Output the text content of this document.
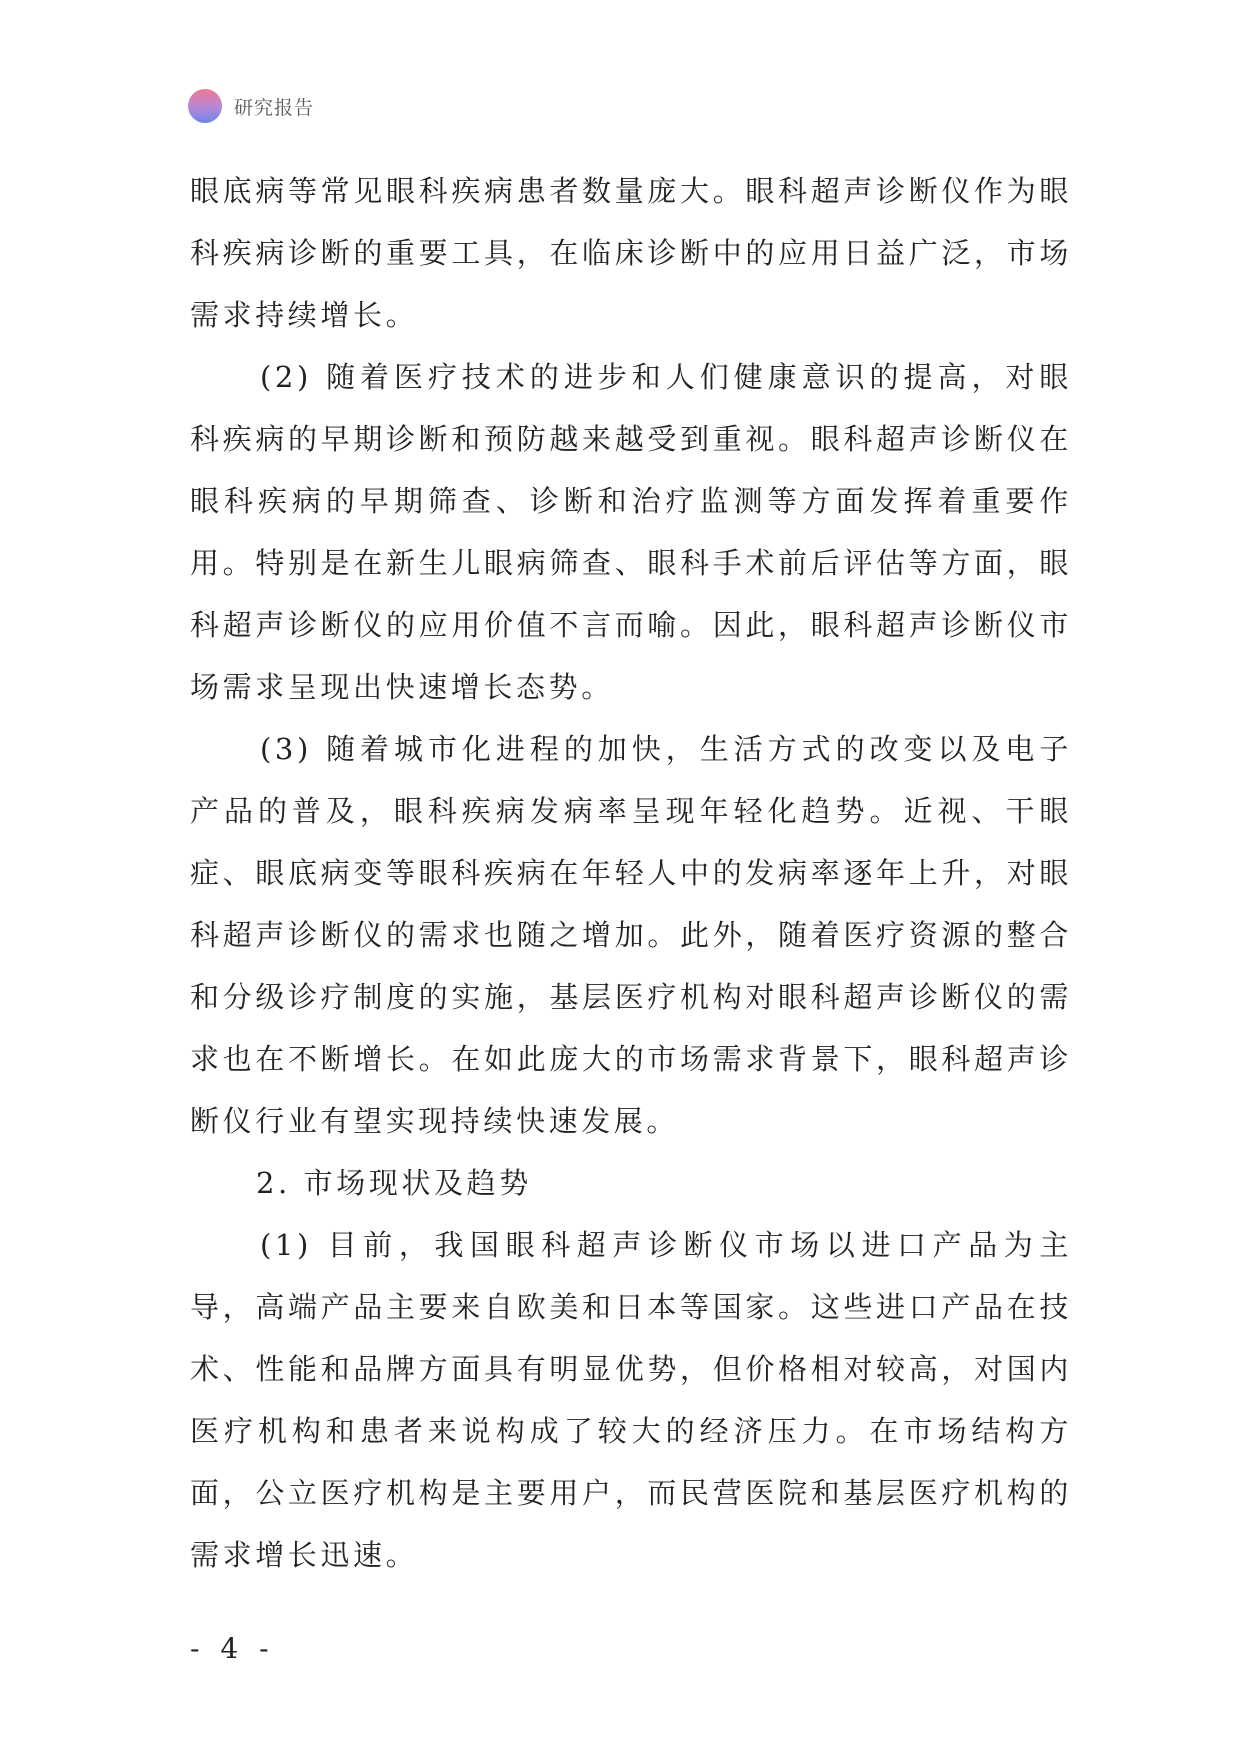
研究报告

眼底病等常见眼科疾病患者数量庞大。眼科超声诊断仪作为眼科疾病诊断的重要工具，在临床诊断中的应用日益广泛，市场需求持续增长。

(2) 随着医疗技术的进步和人们健康意识的提高，对眼科疾病的早期诊断和预防越来越受到重视。眼科超声诊断仪在眼科疾病的早期筛查、诊断和治疗监测等方面发挥着重要作用。特别是在新生儿眼病筛查、眼科手术前后评估等方面，眼科超声诊断仪的应用价值不言而喻。因此，眼科超声诊断仪市场需求呈现出快速增长态势。

(3) 随着城市化进程的加快，生活方式的改变以及电子产品的普及，眼科疾病发病率呈现年轻化趋势。近视、干眼症、眼底病变等眼科疾病在年轻人中的发病率逐年上升，对眼科超声诊断仪的需求也随之增加。此外，随着医疗资源的整合和分级诊疗制度的实施，基层医疗机构对眼科超声诊断仪的需求也在不断增长。在如此庞大的市场需求背景下，眼科超声诊断仪行业有望实现持续快速发展。

2. 市场现状及趋势

(1) 目前，我国眼科超声诊断仪市场以进口产品为主导，高端产品主要来自欧美和日本等国家。这些进口产品在技术、性能和品牌方面具有明显优势，但价格相对较高，对国内医疗机构和患者来说构成了较大的经济压力。在市场结构方面，公立医疗机构是主要用户，而民营医院和基层医疗机构的需求增长迅速。

- 4 -
